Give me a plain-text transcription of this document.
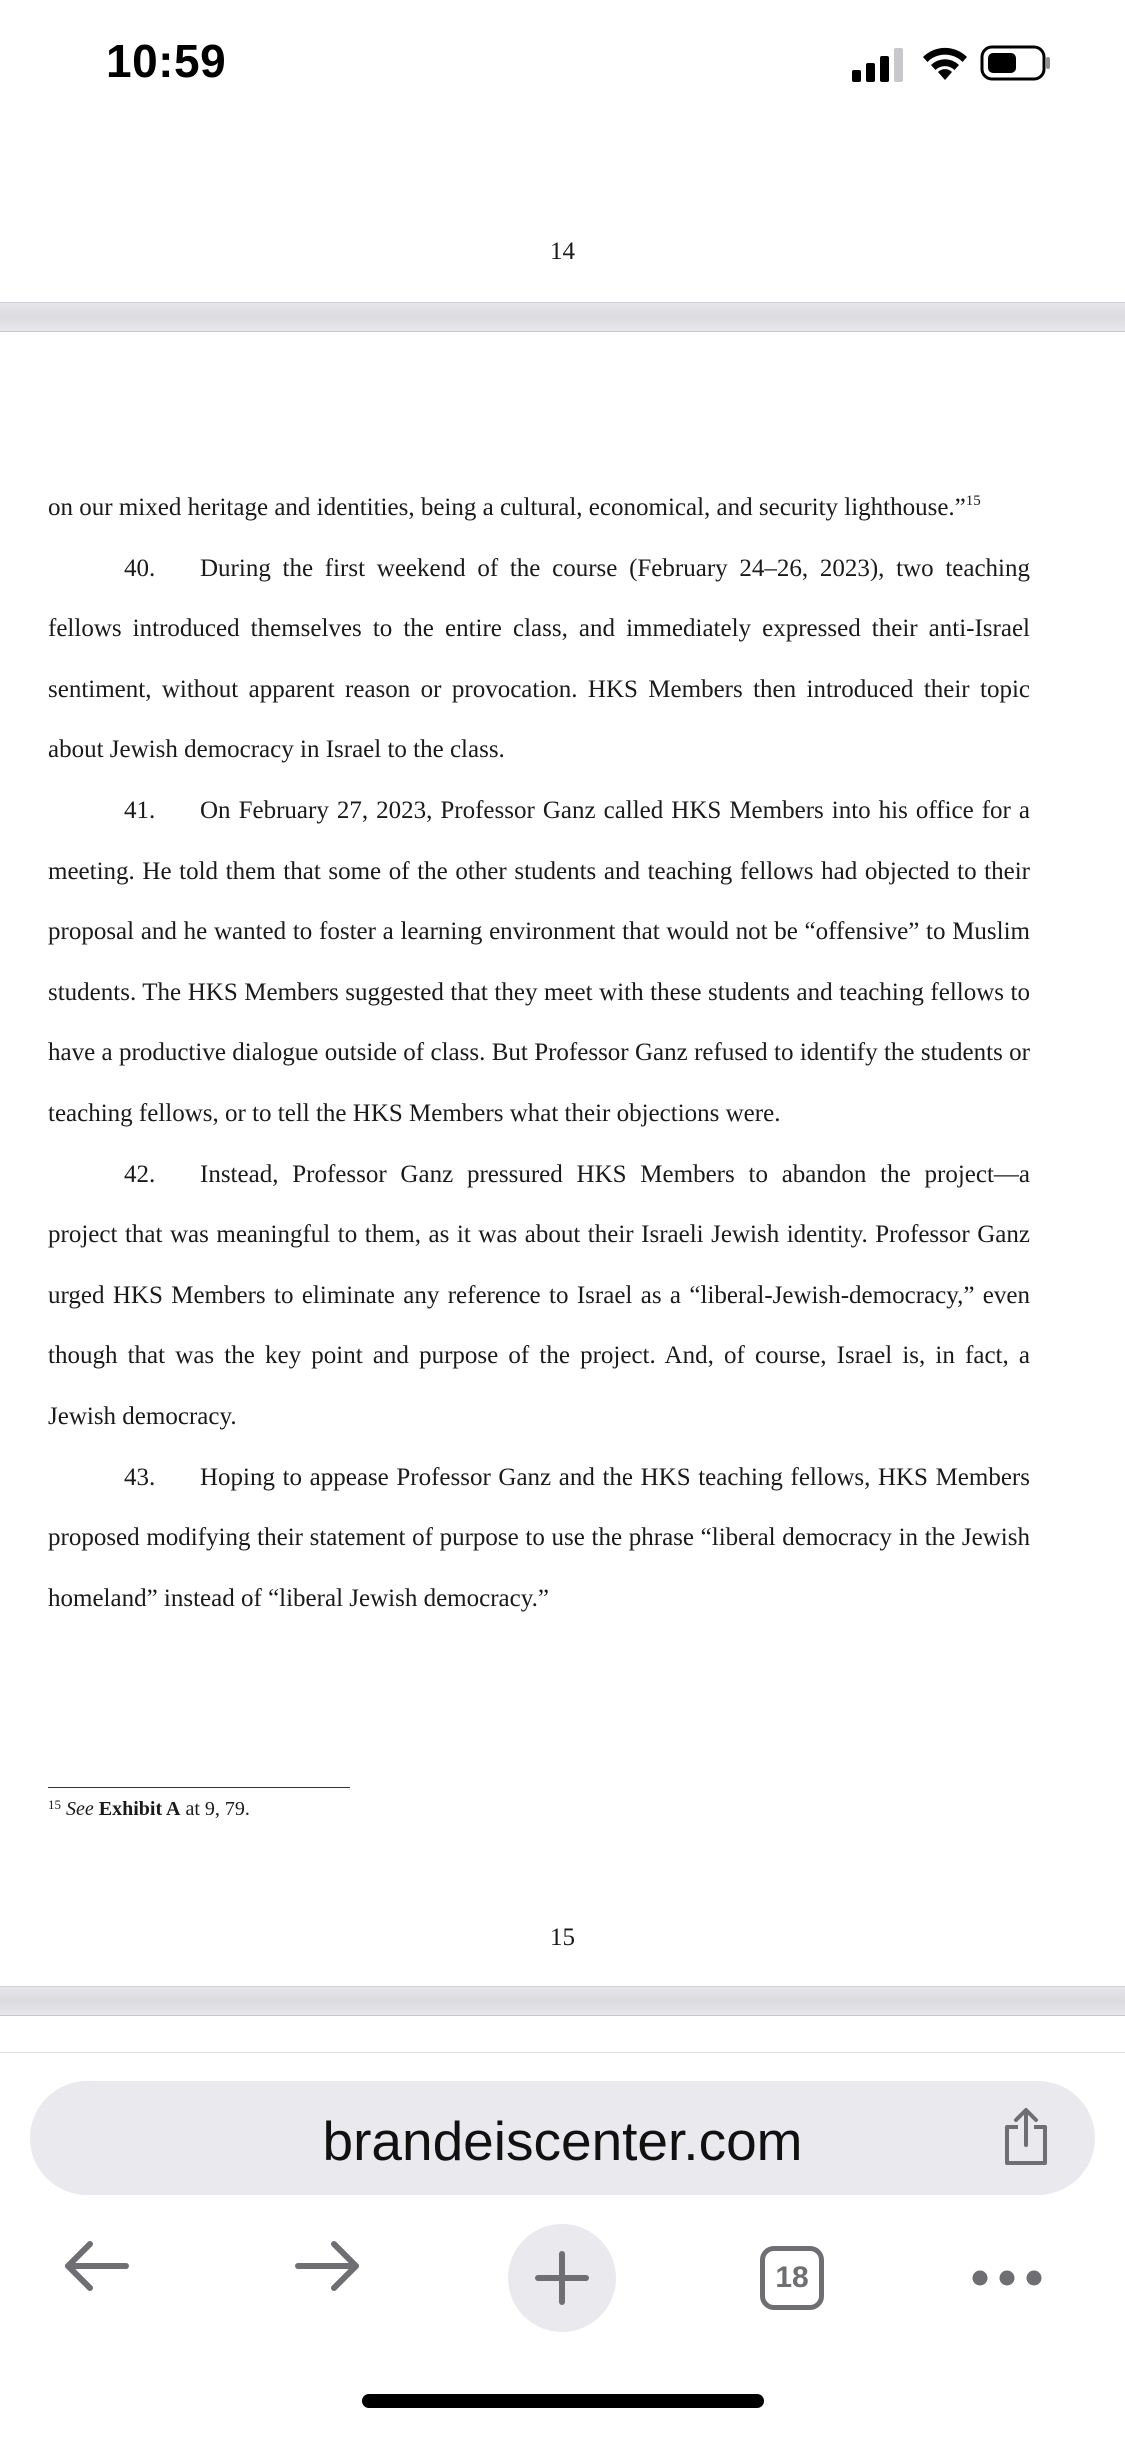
10:59
14

on our mixed heritage and identities, being a cultural, economical, and security lighthouse.”$^{15}$

40. During the first weekend of the course (February 24–26, 2023), two teaching fellows introduced themselves to the entire class, and immediately expressed their anti-Israel sentiment, without apparent reason or provocation. HKS Members then introduced their topic about Jewish democracy in Israel to the class.

41. On February 27, 2023, Professor Ganz called HKS Members into his office for a meeting. He told them that some of the other students and teaching fellows had objected to their proposal and he wanted to foster a learning environment that would not be “offensive” to Muslim students. The HKS Members suggested that they meet with these students and teaching fellows to have a productive dialogue outside of class. But Professor Ganz refused to identify the students or teaching fellows, or to tell the HKS Members what their objections were.

42. Instead, Professor Ganz pressured HKS Members to abandon the project—a project that was meaningful to them, as it was about their Israeli Jewish identity. Professor Ganz urged HKS Members to eliminate any reference to Israel as a “liberal-Jewish-democracy,” even though that was the key point and purpose of the project. And, of course, Israel is, in fact, a Jewish democracy.

43. Hoping to appease Professor Ganz and the HKS teaching fellows, HKS Members proposed modifying their statement of purpose to use the phrase “liberal democracy in the Jewish homeland” instead of “liberal Jewish democracy.”

$^{15}$ See Exhibit A at 9, 79.
15
brandeiscenter.com
18
